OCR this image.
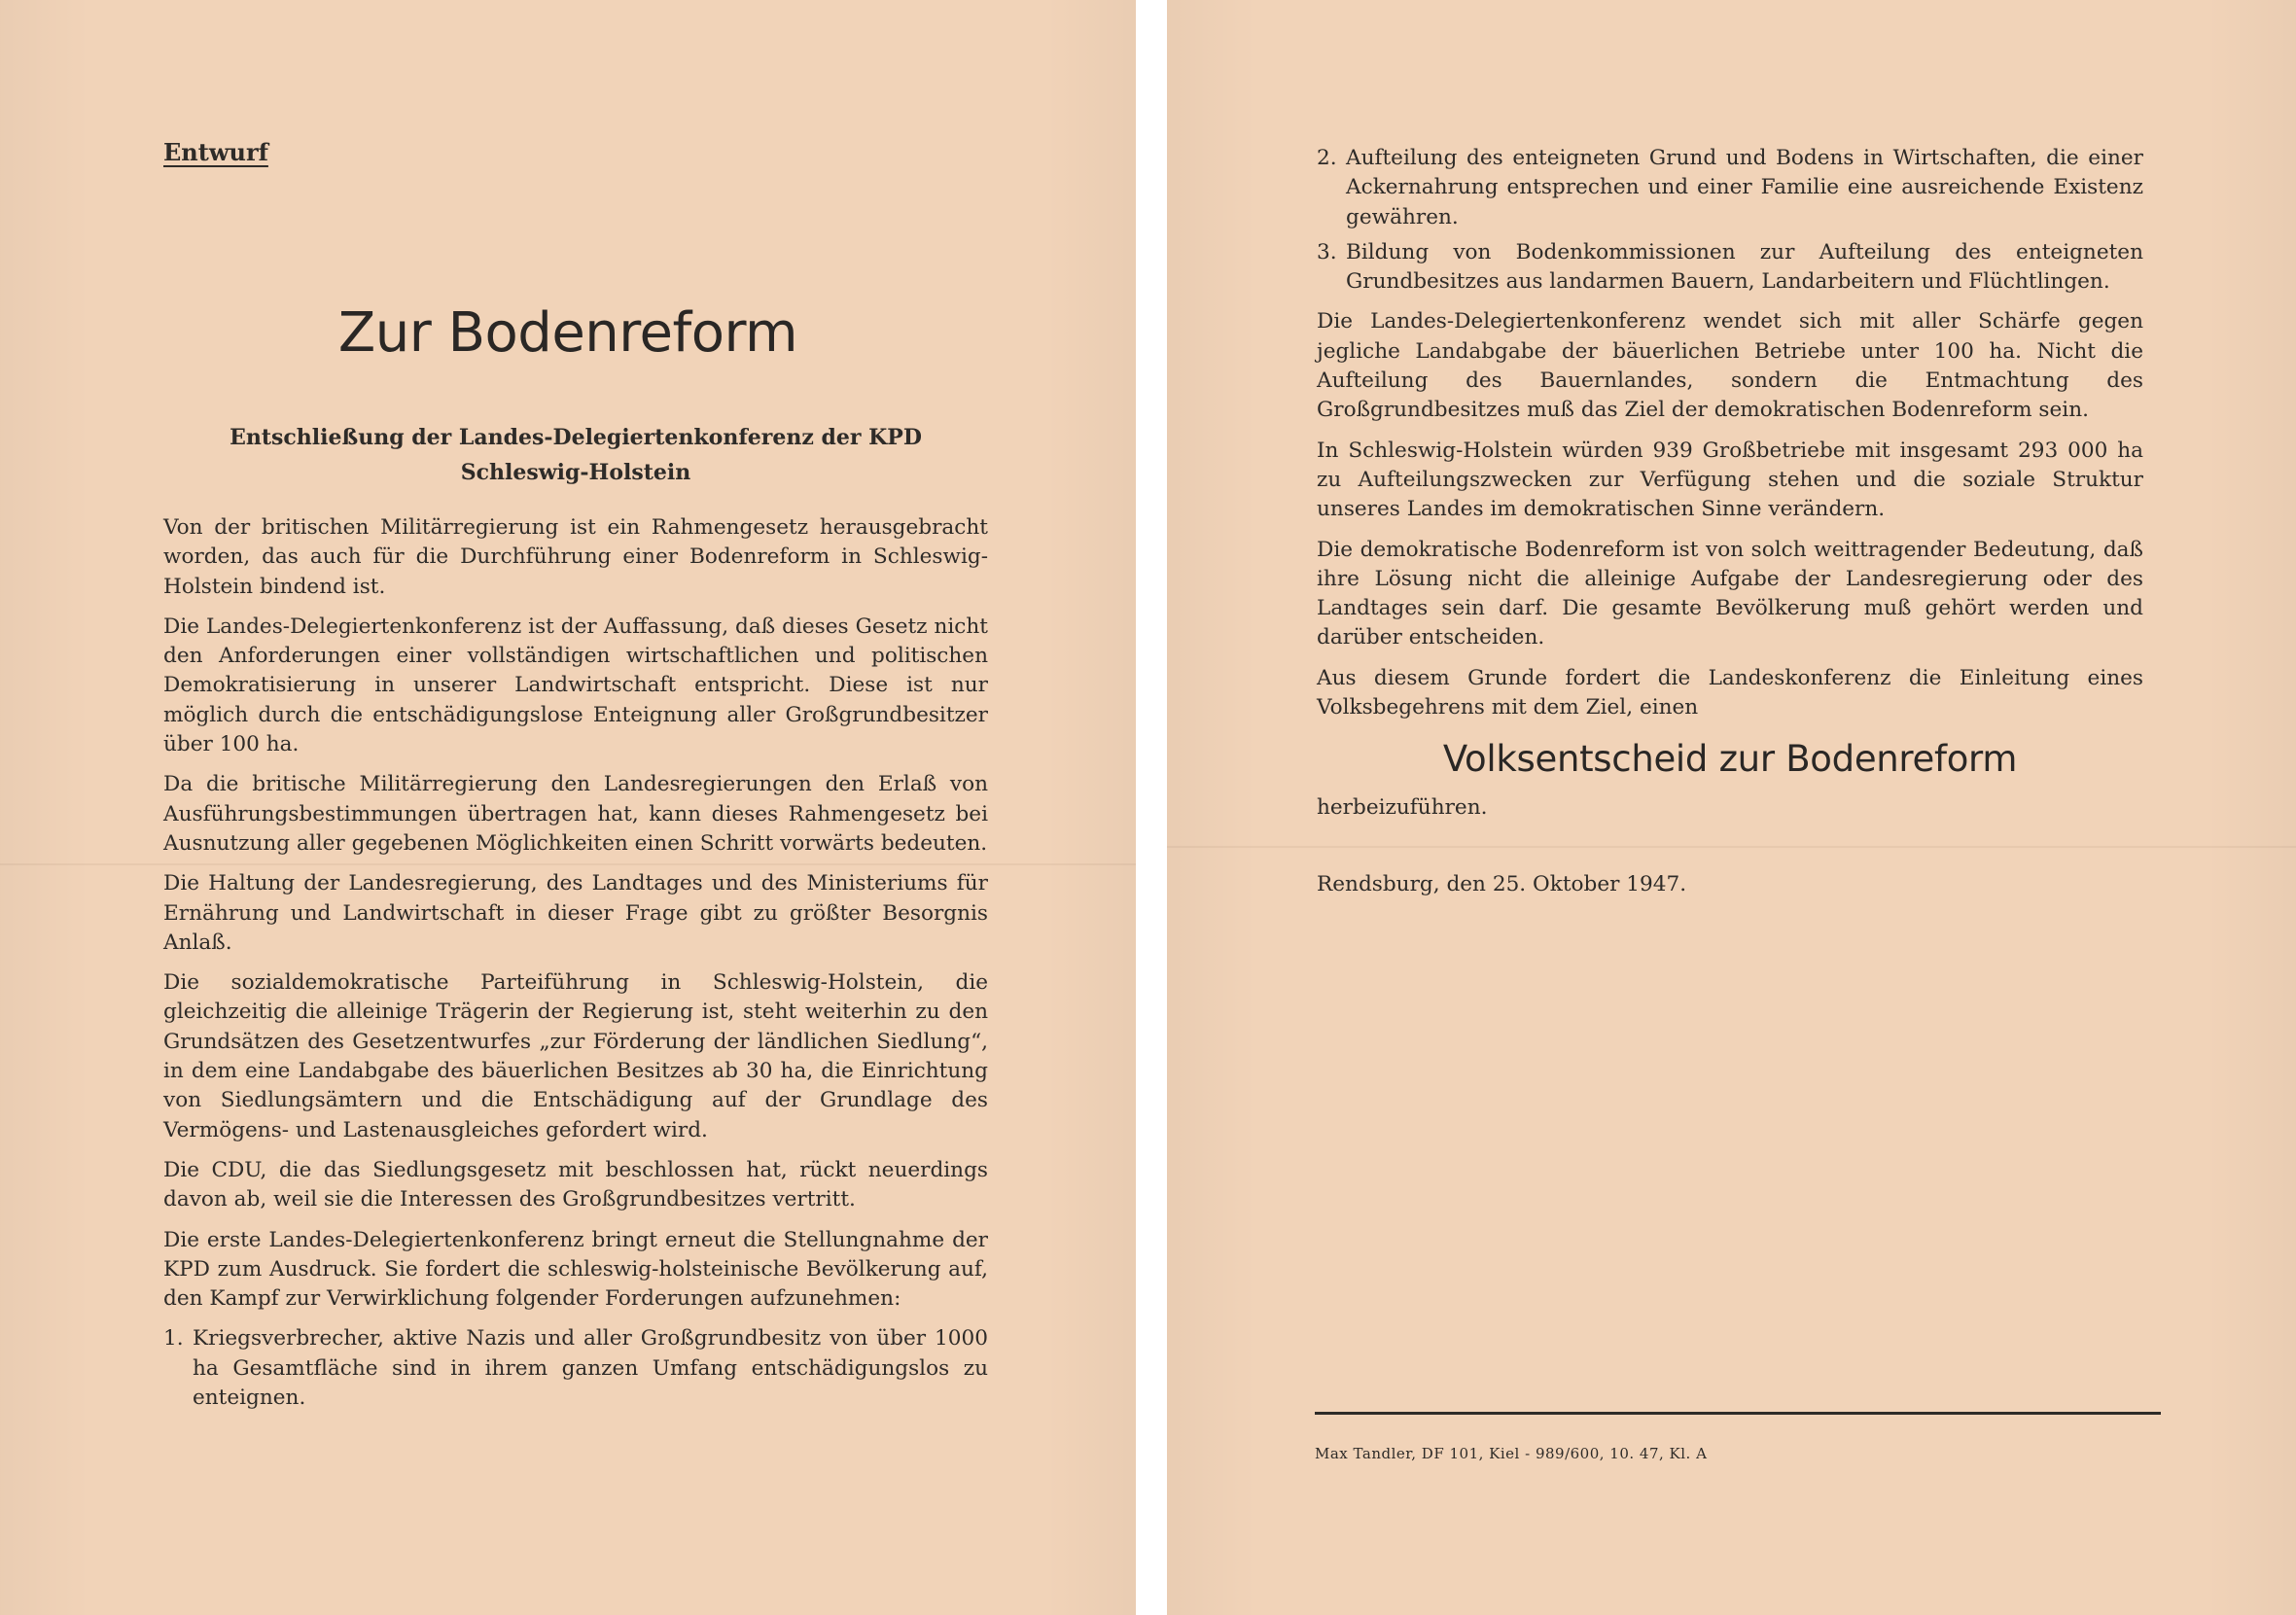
Entwurf
Zur Bodenreform
Entschließung der Landes-Delegiertenkonferenz der KPD
Schleswig-Holstein

Von der britischen Militärregierung ist ein Rahmengesetz herausgebracht worden, das auch für die Durchführung einer Bodenreform in Schleswig-Holstein bindend ist.

Die Landes-Delegiertenkonferenz ist der Auffassung, daß dieses Gesetz nicht den Anforderungen einer vollständigen wirtschaftlichen und politischen Demokratisierung in unserer Landwirtschaft entspricht. Diese ist nur möglich durch die entschädigungslose Enteignung aller Großgrundbesitzer über 100 ha.

Da die britische Militärregierung den Landesregierungen den Erlaß von Ausführungsbestimmungen übertragen hat, kann dieses Rahmengesetz bei Ausnutzung aller gegebenen Möglichkeiten einen Schritt vorwärts bedeuten.

Die Haltung der Landesregierung, des Landtages und des Ministeriums für Ernährung und Landwirtschaft in dieser Frage gibt zu größter Besorgnis Anlaß.

Die sozialdemokratische Parteiführung in Schleswig-Holstein, die gleichzeitig die alleinige Trägerin der Regierung ist, steht weiterhin zu den Grundsätzen des Gesetzentwurfes „zur Förderung der ländlichen Siedlung“, in dem eine Landabgabe des bäuerlichen Besitzes ab 30 ha, die Einrichtung von Siedlungsämtern und die Entschädigung auf der Grundlage des Vermögens- und Lastenausgleiches gefordert wird.

Die CDU, die das Siedlungsgesetz mit beschlossen hat, rückt neuerdings davon ab, weil sie die Interessen des Großgrundbesitzes vertritt.

Die erste Landes-Delegiertenkonferenz bringt erneut die Stellungnahme der KPD zum Ausdruck. Sie fordert die schleswig-holsteinische Bevölkerung auf, den Kampf zur Verwirklichung folgender Forderungen aufzunehmen:

1. Kriegsverbrecher, aktive Nazis und aller Großgrundbesitz von über 1000 ha Gesamtfläche sind in ihrem ganzen Umfang entschädigungslos zu enteignen.
2. Aufteilung des enteigneten Grund und Bodens in Wirtschaften, die einer Ackernahrung entsprechen und einer Familie eine ausreichende Existenz gewähren.
3. Bildung von Bodenkommissionen zur Aufteilung des enteigneten Grundbesitzes aus landarmen Bauern, Landarbeitern und Flüchtlingen.

Die Landes-Delegiertenkonferenz wendet sich mit aller Schärfe gegen jegliche Landabgabe der bäuerlichen Betriebe unter 100 ha. Nicht die Aufteilung des Bauernlandes, sondern die Entmachtung des Großgrundbesitzes muß das Ziel der demokratischen Bodenreform sein.

In Schleswig-Holstein würden 939 Großbetriebe mit insgesamt 293 000 ha zu Aufteilungszwecken zur Verfügung stehen und die soziale Struktur unseres Landes im demokratischen Sinne verändern.

Die demokratische Bodenreform ist von solch weittragender Bedeutung, daß ihre Lösung nicht die alleinige Aufgabe der Landesregierung oder des Landtages sein darf. Die gesamte Bevölkerung muß gehört werden und darüber entscheiden.

Aus diesem Grunde fordert die Landeskonferenz die Einleitung eines Volksbegehrens mit dem Ziel, einen

Volksentscheid zur Bodenreform

herbeizuführen.

Rendsburg, den 25. Oktober 1947.

Max Tandler, DF 101, Kiel - 989/600, 10. 47, Kl. A
